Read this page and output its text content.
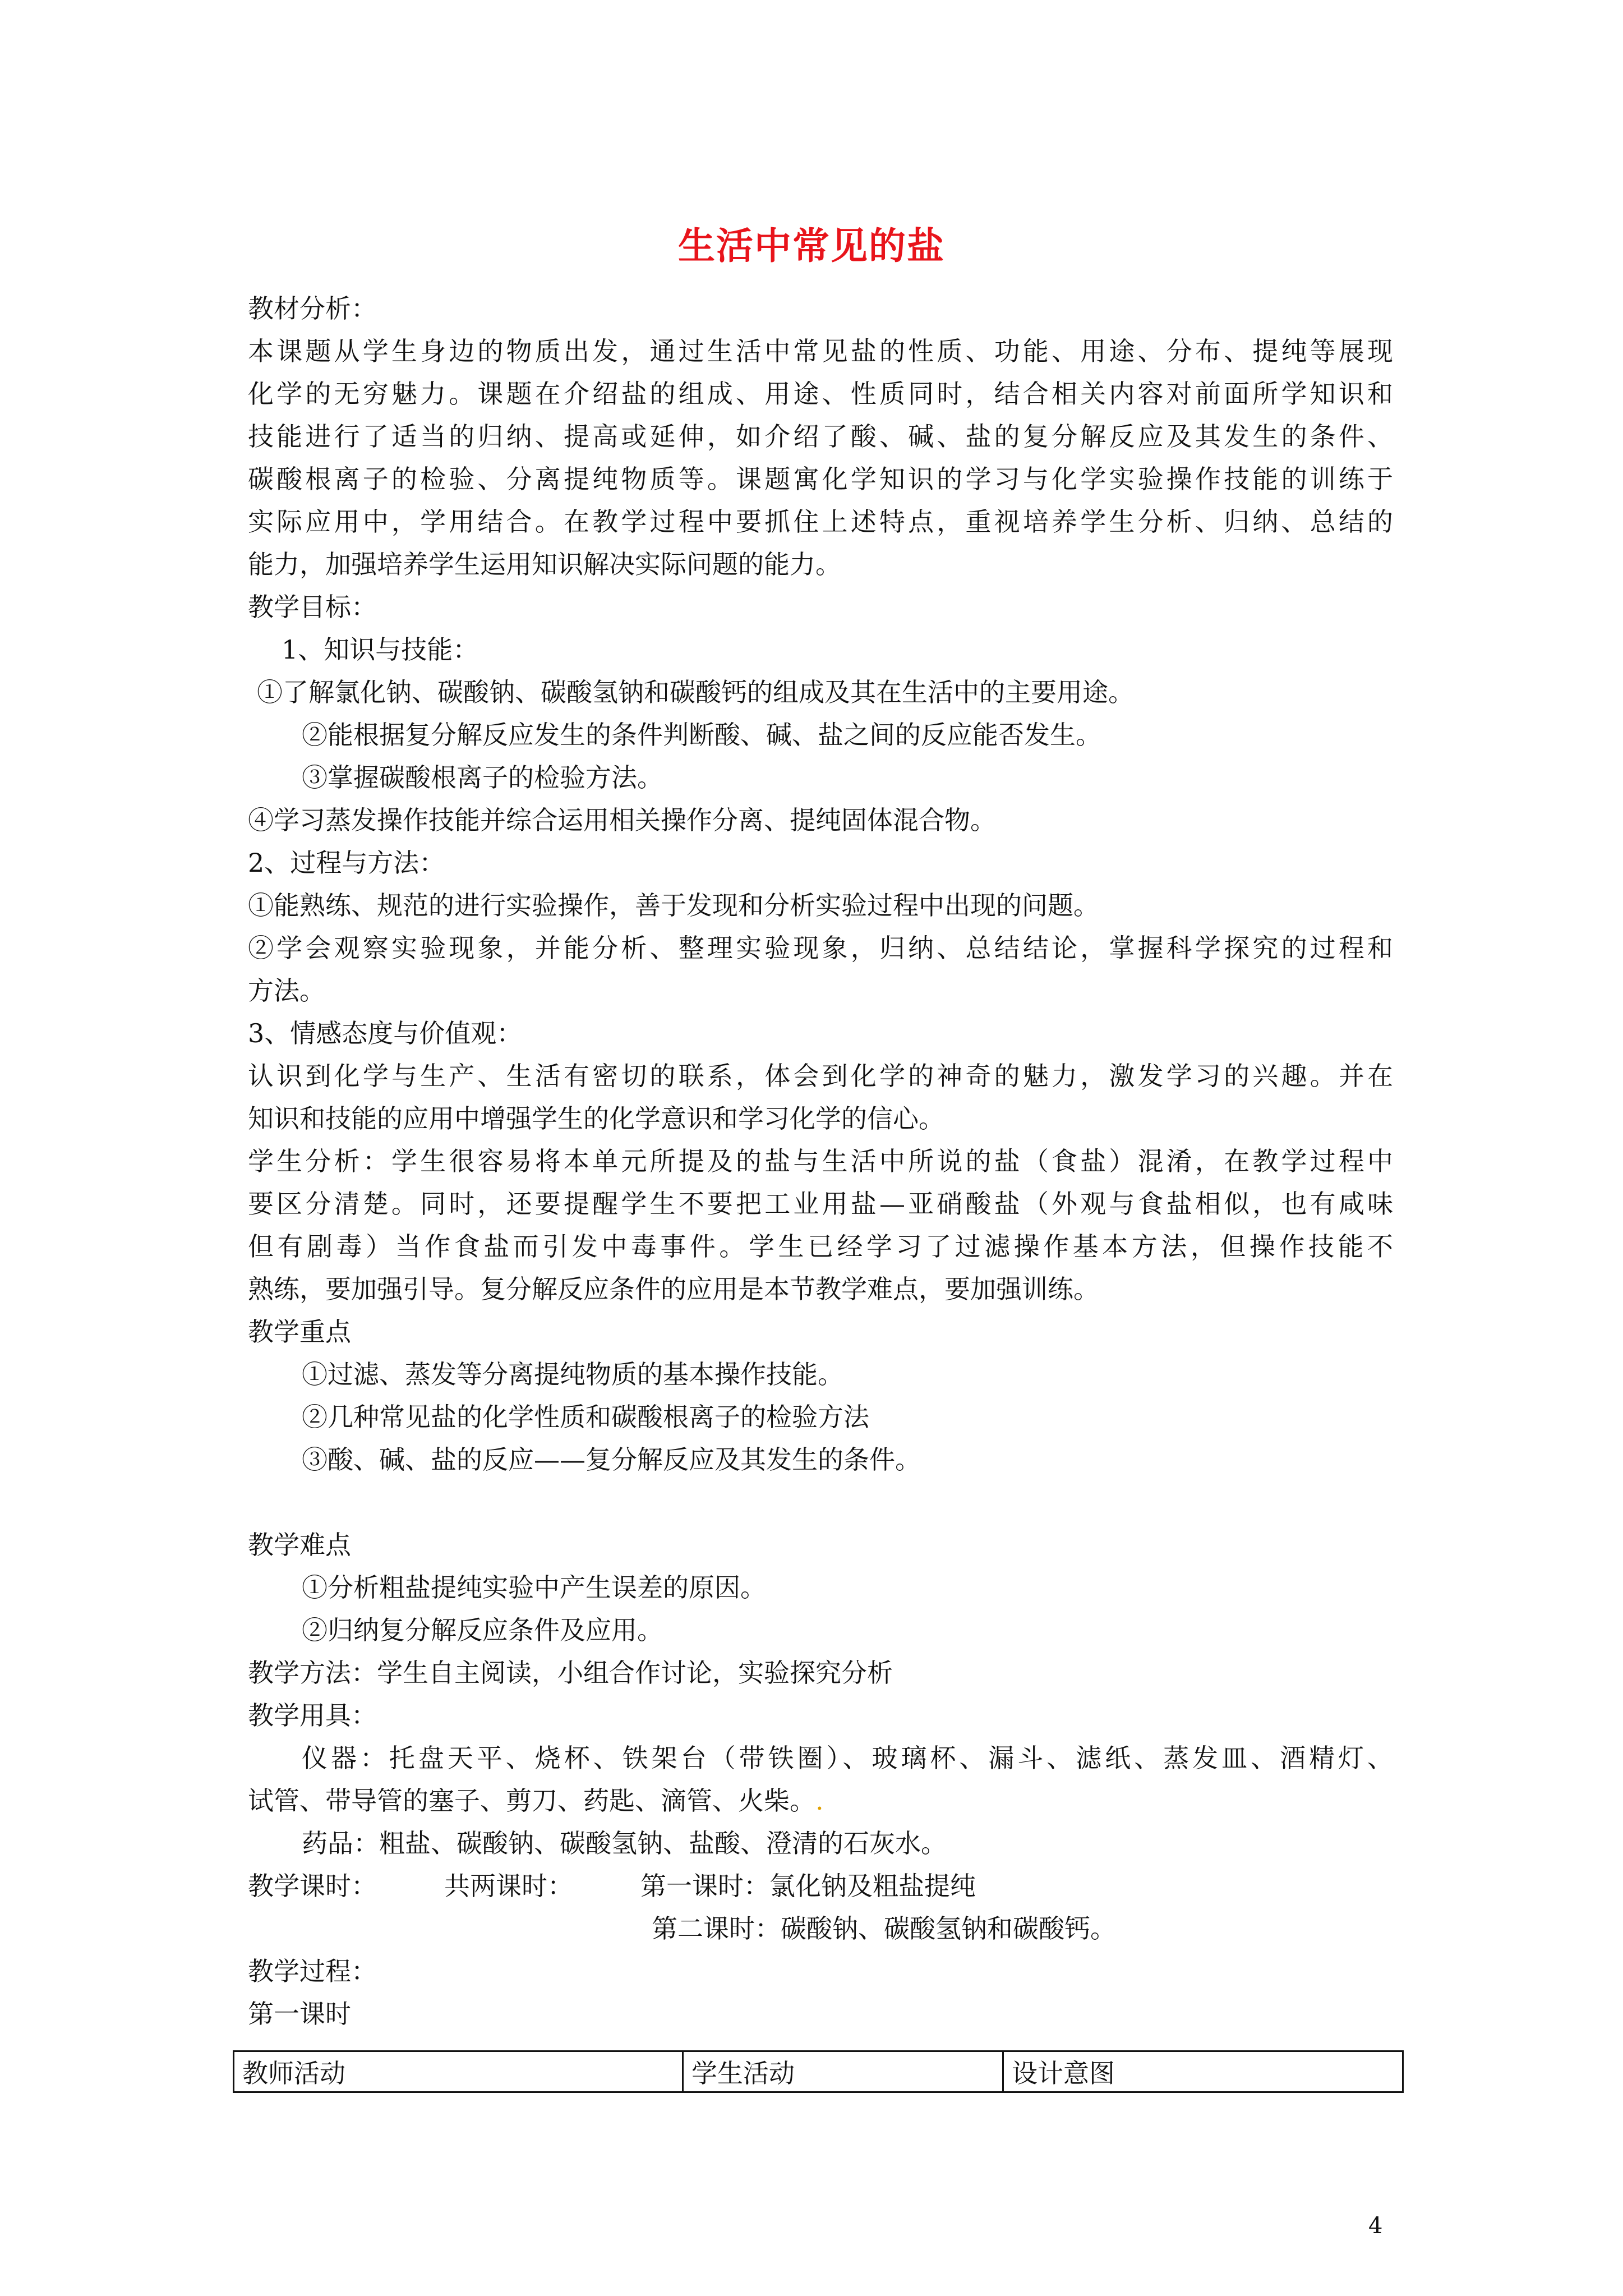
生活中常见的盐
教材分析：
本课题从学生身边的物质出发，通过生活中常见盐的性质、功能、用途、分布、提纯等展现
化学的无穷魅力。课题在介绍盐的组成、用途、性质同时，结合相关内容对前面所学知识和
技能进行了适当的归纳、提高或延伸，如介绍了酸、碱、盐的复分解反应及其发生的条件、
碳酸根离子的检验、分离提纯物质等。课题寓化学知识的学习与化学实验操作技能的训练于
实际应用中，学用结合。在教学过程中要抓住上述特点，重视培养学生分析、归纳、总结的
能力，加强培养学生运用知识解决实际问题的能力。
教学目标：
1、知识与技能：
①了解氯化钠、碳酸钠、碳酸氢钠和碳酸钙的组成及其在生活中的主要用途。
②能根据复分解反应发生的条件判断酸、碱、盐之间的反应能否发生。
③掌握碳酸根离子的检验方法。
④学习蒸发操作技能并综合运用相关操作分离、提纯固体混合物。
2、过程与方法：
①能熟练、规范的进行实验操作，善于发现和分析实验过程中出现的问题。
②学会观察实验现象，并能分析、整理实验现象，归纳、总结结论，掌握科学探究的过程和
方法。
3、情感态度与价值观：
认识到化学与生产、生活有密切的联系，体会到化学的神奇的魅力，激发学习的兴趣。并在
知识和技能的应用中增强学生的化学意识和学习化学的信心。
学生分析：学生很容易将本单元所提及的盐与生活中所说的盐（食盐）混淆，在教学过程中
要区分清楚。同时，还要提醒学生不要把工业用盐—亚硝酸盐（外观与食盐相似，也有咸味
但有剧毒）当作食盐而引发中毒事件。学生已经学习了过滤操作基本方法，但操作技能不
熟练，要加强引导。复分解反应条件的应用是本节教学难点，要加强训练。
教学重点
①过滤、蒸发等分离提纯物质的基本操作技能。
②几种常见盐的化学性质和碳酸根离子的检验方法
③酸、碱、盐的反应——复分解反应及其发生的条件。
教学难点
①分析粗盐提纯实验中产生误差的原因。
②归纳复分解反应条件及应用。
教学方法：学生自主阅读，小组合作讨论，实验探究分析
教学用具：
仪器：托盘天平、烧杯、铁架台（带铁圈）、玻璃杯、漏斗、滤纸、蒸发皿、酒精灯、
试管、带导管的塞子、剪刀、药匙、滴管、火柴。.
药品：粗盐、碳酸钠、碳酸氢钠、盐酸、澄清的石灰水。
教学课时：	共两课时：	第一课时：氯化钠及粗盐提纯
第二课时：碳酸钠、碳酸氢钠和碳酸钙。
教学过程：
第一课时
教师活动	学生活动	设计意图
4
